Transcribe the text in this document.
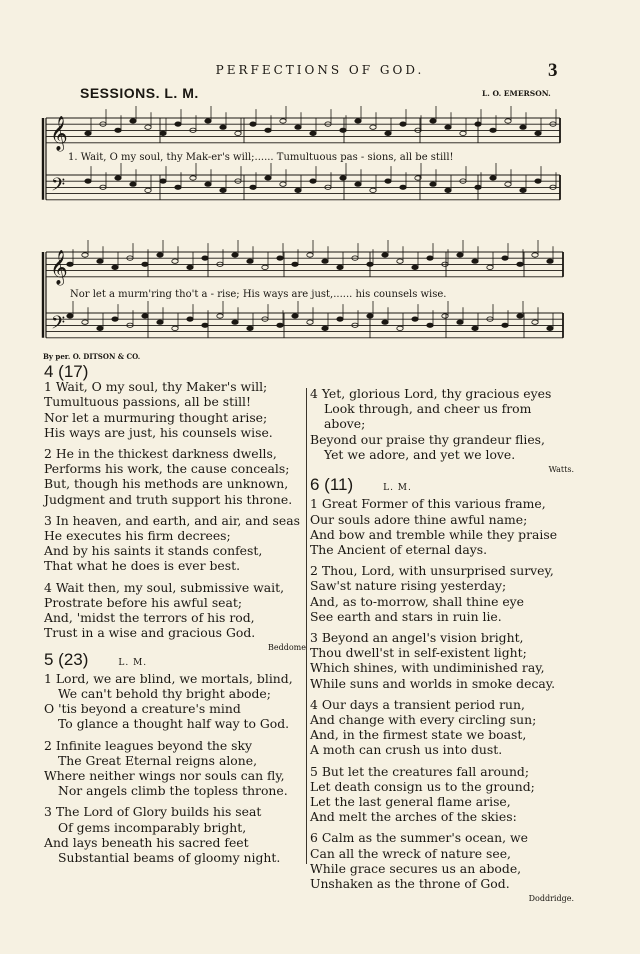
PERFECTIONS OF GOD.	3
SESSIONS. L. M.	L. O. EMERSON.
𝄞
𝄢
𝄞
𝄢
1. Wait, O my soul, thy Mak-er's will;...... Tumultuous pas - sions, all be still!
Nor let a murm'ring tho't a - rise; His ways are just,...... his counsels wise.
By per. O. DITSON & CO.
4 (17)
1 Wait, O my soul, thy Maker's will;
Tumultuous passions, all be still!
Nor let a murmuring thought arise;
His ways are just, his counsels wise.
2 He in the thickest darkness dwells,
Performs his work, the cause conceals;
But, though his methods are unknown,
Judgment and truth support his throne.
3 In heaven, and earth, and air, and seas
He executes his firm decrees;
And by his saints it stands confest,
That what he does is ever best.
4 Wait then, my soul, submissive wait,
Prostrate before his awful seat;
And, 'midst the terrors of his rod,
Trust in a wise and gracious God.
Beddome
5 (23)	L. M.
1 Lord, we are blind, we mortals, blind,
We can't behold thy bright abode;
O 'tis beyond a creature's mind
To glance a thought half way to God.
2 Infinite leagues beyond the sky
The Great Eternal reigns alone,
Where neither wings nor souls can fly,
Nor angels climb the topless throne.
3 The Lord of Glory builds his seat
Of gems incomparably bright,
And lays beneath his sacred feet
Substantial beams of gloomy night.
4 Yet, glorious Lord, thy gracious eyes
Look through, and cheer us from above;
Beyond our praise thy grandeur flies,
Yet we adore, and yet we love.
Watts.
6 (11)	L. M.
1 Great Former of this various frame,
Our souls adore thine awful name;
And bow and tremble while they praise
The Ancient of eternal days.
2 Thou, Lord, with unsurprised survey,
Saw'st nature rising yesterday;
And, as to-morrow, shall thine eye
See earth and stars in ruin lie.
3 Beyond an angel's vision bright,
Thou dwell'st in self-existent light;
Which shines, with undiminished ray,
While suns and worlds in smoke decay.
4 Our days a transient period run,
And change with every circling sun;
And, in the firmest state we boast,
A moth can crush us into dust.
5 But let the creatures fall around;
Let death consign us to the ground;
Let the last general flame arise,
And melt the arches of the skies:
6 Calm as the summer's ocean, we
Can all the wreck of nature see,
While grace secures us an abode,
Unshaken as the throne of God.
Doddridge.
